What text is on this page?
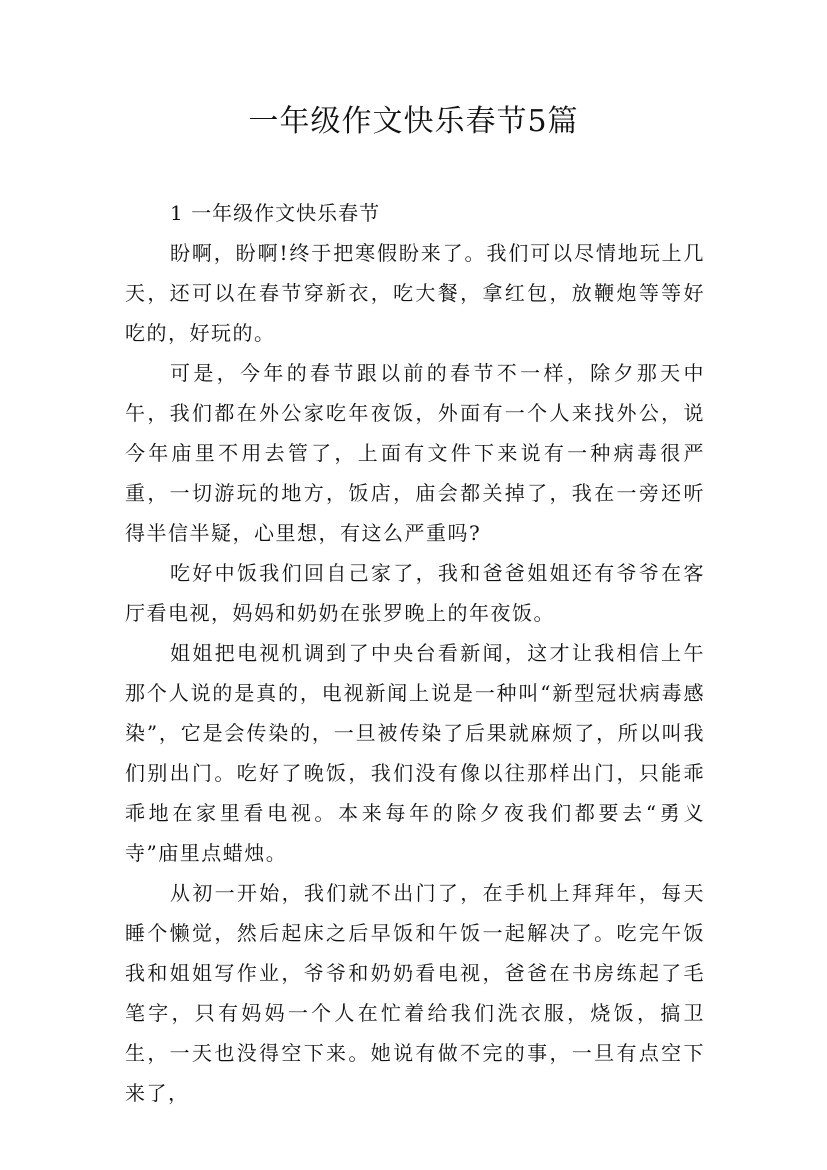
一年级作文快乐春节5篇

1 一年级作文快乐春节

盼啊，盼啊!终于把寒假盼来了。我们可以尽情地玩上几天，还可以在春节穿新衣，吃大餐，拿红包，放鞭炮等等好吃的，好玩的。

可是，今年的春节跟以前的春节不一样，除夕那天中午，我们都在外公家吃年夜饭，外面有一个人来找外公，说今年庙里不用去管了，上面有文件下来说有一种病毒很严重，一切游玩的地方，饭店，庙会都关掉了，我在一旁还听得半信半疑，心里想，有这么严重吗?

吃好中饭我们回自己家了，我和爸爸姐姐还有爷爷在客厅看电视，妈妈和奶奶在张罗晚上的年夜饭。

姐姐把电视机调到了中央台看新闻，这才让我相信上午那个人说的是真的，电视新闻上说是一种叫“新型冠状病毒感染”，它是会传染的，一旦被传染了后果就麻烦了，所以叫我们别出门。吃好了晚饭，我们没有像以往那样出门，只能乖乖地在家里看电视。本来每年的除夕夜我们都要去“勇义寺”庙里点蜡烛。

从初一开始，我们就不出门了，在手机上拜拜年，每天睡个懒觉，然后起床之后早饭和午饭一起解决了。吃完午饭我和姐姐写作业，爷爷和奶奶看电视，爸爸在书房练起了毛笔字，只有妈妈一个人在忙着给我们洗衣服，烧饭，搞卫生，一天也没得空下来。她说有做不完的事，一旦有点空下来了，
